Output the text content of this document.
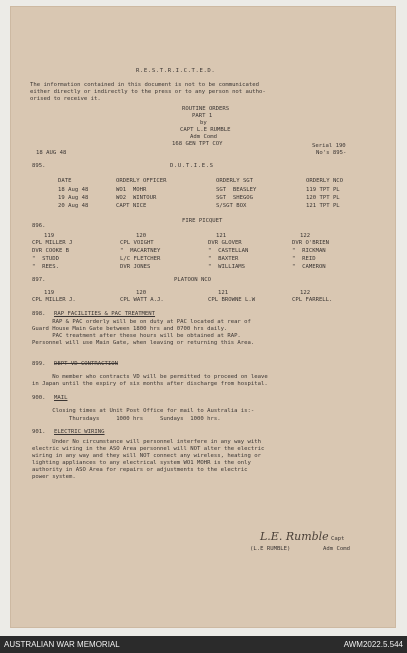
R.E.S.T.R.I.C.T.E.D.
The information contained in this document is not to be communicated
either directly or indirectly to the press or to any person not autho-
orised to receive it.
ROUTINE ORDERS
PART 1
by
CAPT L.E RUMBLE
Adm Comd
168 GEN TPT COY
18 AUG 48
Serial 190
No's 895-
895.	D.U.T.I.E.S
DATE	ORDERLY OFFICER	ORDERLY SGT	ORDERLY NCO
18 Aug 48	WO1  MOHR	SGT  BEASLEY	119 TPT PL
19 Aug 48	WO2  WINTOUR	SGT  SHEGOG	120 TPT PL
20 Aug 48	CAPT NICE	S/SGT BOX	121 TPT PL
896.
FIRE PICQUET
119	120	121	122
CPL MILLER J	CPL VOIGHT	DVR GLOVER	DVR O'BRIEN
DVR COOKE B	"  MACARTNEY	"  CASTELLAN	"  RICKMAN
"  STUDD	L/C FLETCHER	"  BAXTER	"  REID
"  REES.	DVR JONES	"  WILLIAMS	"  CAMERON
897.	PLATOON NCO
119	120	121	122
CPL MILLER J.	CPL WATT A.J.	CPL BROWNE L.W	CPL FARRELL.
898. RAP FACILITIES & PAC TREATMENT
RAP & PAC orderly will be on duty at PAC located at rear of
Guard House Main Gate between 1800 hrs and 0700 hrs daily.
PAC treatment after these hours will be obtained at RAP.
Personnel will use Main Gate, when leaving or returning this Area.
899. DEPT-VD CONTRACTION
No member who contracts VD will be permitted to proceed on leave
in Japan until the expiry of six months after discharge from hospital.
900. MAIL
Closing times at Unit Post Office for mail to Australia is:-
Thursdays     1000 hrs     Sundays  1000 hrs.
901. ELECTRIC WIRING
Under No circumstance will personnel interfere in any way with
electric wiring in the ASO Area personnel will NOT alter the electric
wiring in any way and they will NOT connect any wireless, heating or
lighting appliances to any electrical system WO1 MOHR is the only
authority in ASO Area for repairs or adjustments to the electric
power system.
L.E. Rumble Capt
(L.E RUMBLE)	Adm Comd
AUSTRALIAN WAR MEMORIAL	AWM2022.5.544
